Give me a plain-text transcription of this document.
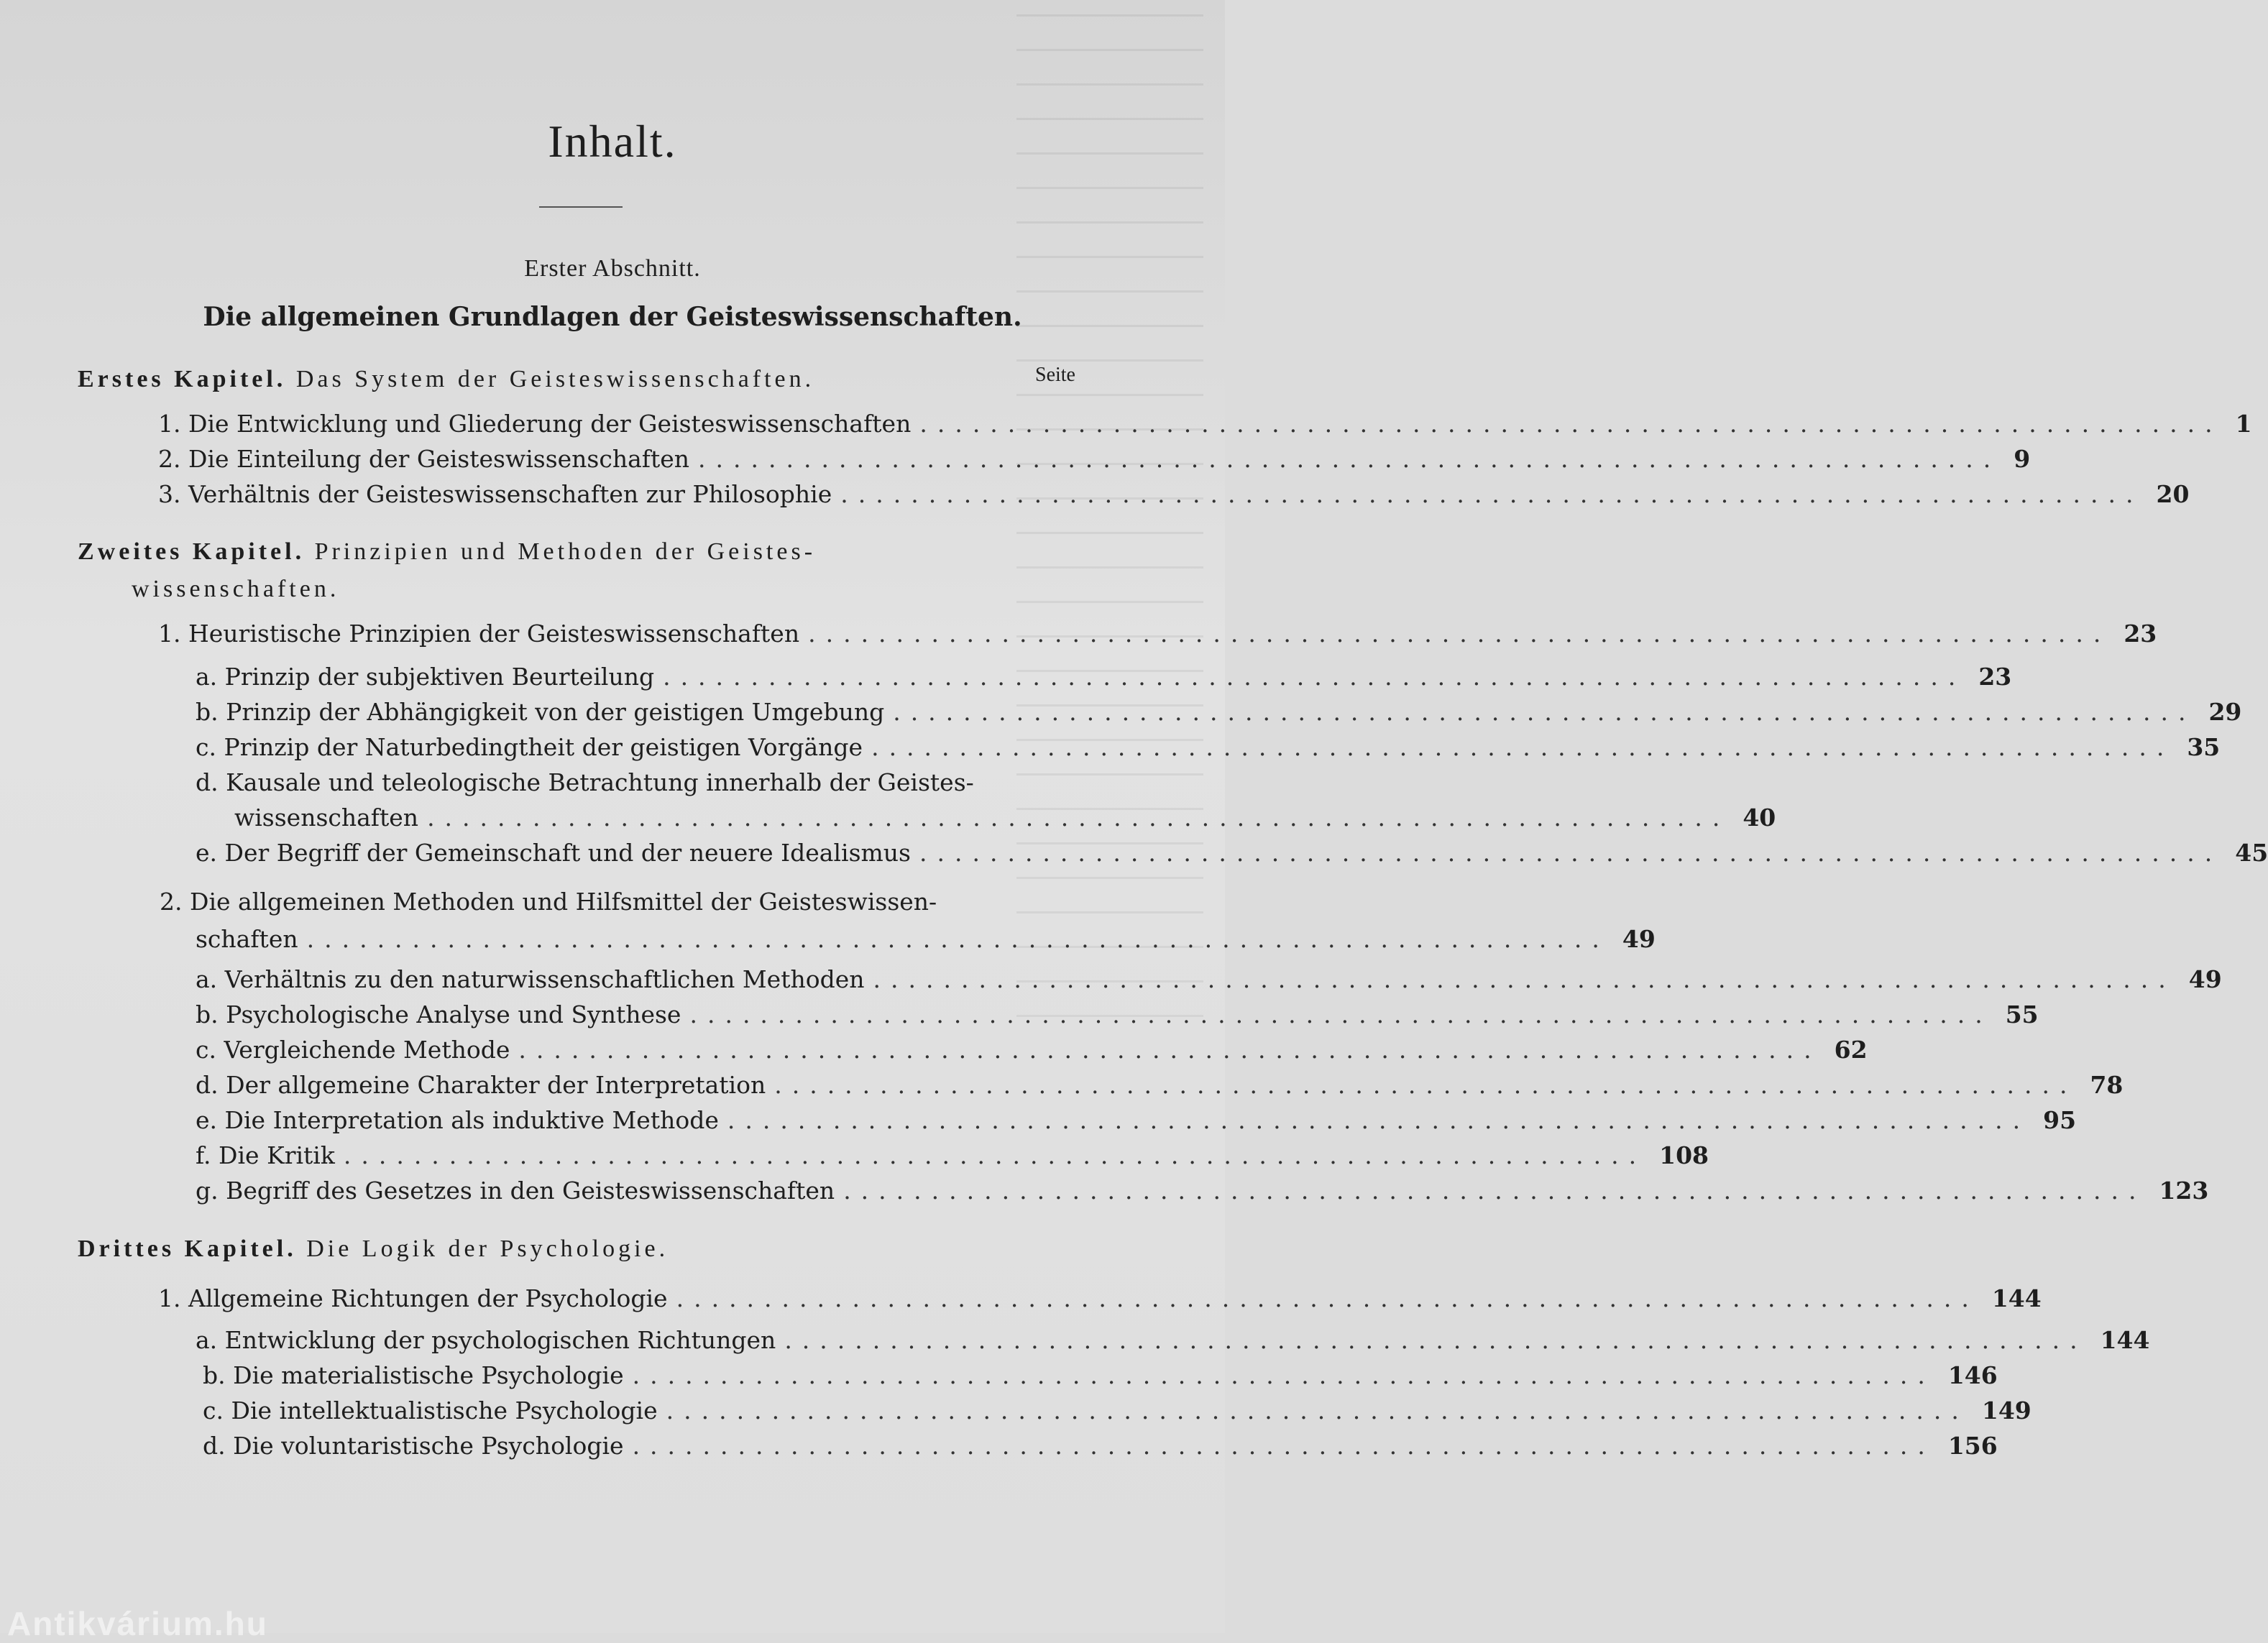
Inhalt.
Erster Abschnitt.
Die allgemeinen Grundlagen der Geisteswissenschaften.
Erstes Kapitel. Das System der Geisteswissenschaften.	Seite
1.
Die Entwicklung und Gliederung der Geisteswissenschaften .......................................................................... 1
2.
Die Einteilung der Geisteswissenschaften .......................................................................... 9
3.
Verhältnis der Geisteswissenschaften zur Philosophie .......................................................................... 20
Zweites Kapitel. Prinzipien und Methoden der Geistes-
wissenschaften.
1.
Heuristische Prinzipien der Geisteswissenschaften .......................................................................... 23
a.
Prinzip der subjektiven Beurteilung .......................................................................... 23
b.
Prinzip der Abhängigkeit von der geistigen Umgebung .......................................................................... 29
c.
Prinzip der Naturbedingtheit der geistigen Vorgänge .......................................................................... 35
d. Kausale und teleologische Betrachtung innerhalb der Geistes-
wissenschaften .......................................................................... 40
e.
Der Begriff der Gemeinschaft und der neuere Idealismus .......................................................................... 45
2. Die allgemeinen Methoden und Hilfsmittel der Geisteswissen-
schaften .......................................................................... 49
a.
Verhältnis zu den naturwissenschaftlichen Methoden .......................................................................... 49
b.
Psychologische Analyse und Synthese .......................................................................... 55
c.
Vergleichende Methode .......................................................................... 62
d.
Der allgemeine Charakter der Interpretation .......................................................................... 78
e.
Die Interpretation als induktive Methode .......................................................................... 95
f.
Die Kritik .......................................................................... 108
g.
Begriff des Gesetzes in den Geisteswissenschaften .......................................................................... 123
Drittes Kapitel. Die Logik der Psychologie.
1.
Allgemeine Richtungen der Psychologie .......................................................................... 144
a.
Entwicklung der psychologischen Richtungen .......................................................................... 144
b.
Die materialistische Psychologie .......................................................................... 146
c.
Die intellektualistische Psychologie .......................................................................... 149
d.
Die voluntaristische Psychologie .......................................................................... 156
Antikvárium.hu
